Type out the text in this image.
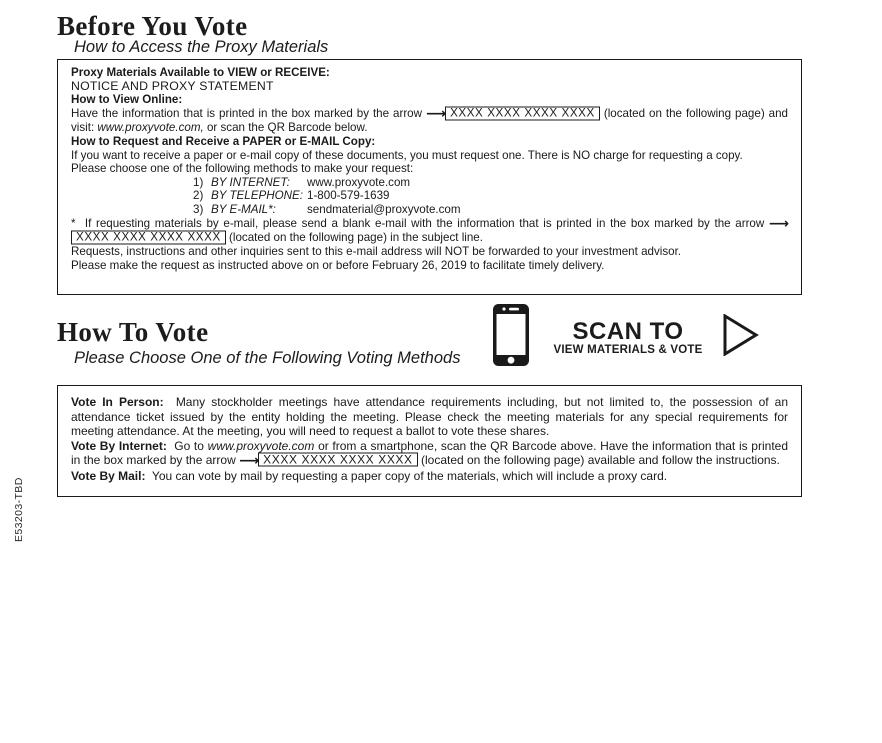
Before You Vote
How to Access the Proxy Materials

Proxy Materials Available to VIEW or RECEIVE:

NOTICE AND PROXY STATEMENT

How to View Online:

Have the information that is printed in the box marked by the arrow ⟶ XXXX XXXX XXXX XXXX (located on the following page) and visit: www.proxyvote.com, or scan the QR Barcode below.

How to Request and Receive a PAPER or E-MAIL Copy:

If you want to receive a paper or e-mail copy of these documents, you must request one. There is NO charge for requesting a copy.

Please choose one of the following methods to make your request:

1) BY INTERNET:	www.proxyvote.com
2) BY TELEPHONE: 1-800-579-1639
3) BY E-MAIL*:	sendmaterial@proxyvote.com

* If requesting materials by e-mail, please send a blank e-mail with the information that is printed in the box marked by the arrow ⟶XXXX XXXX XXXX XXXX (located on the following page) in the subject line.

Requests, instructions and other inquiries sent to this e-mail address will NOT be forwarded to your investment advisor.

Please make the request as instructed above on or before February 26, 2019 to facilitate timely delivery.

How To Vote
Please Choose One of the Following Voting Methods
SCAN TO
VIEW MATERIALS & VOTE

Vote In Person: Many stockholder meetings have attendance requirements including, but not limited to, the possession of an attendance ticket issued by the entity holding the meeting. Please check the meeting materials for any special requirements for meeting attendance. At the meeting, you will need to request a ballot to vote these shares.

Vote By Internet: Go to www.proxyvote.com or from a smartphone, scan the QR Barcode above. Have the information that is printed in the box marked by the arrow ⟶ XXXX XXXX XXXX XXXX (located on the following page) available and follow the instructions.

Vote By Mail: You can vote by mail by requesting a paper copy of the materials, which will include a proxy card.

E53203-TBD
